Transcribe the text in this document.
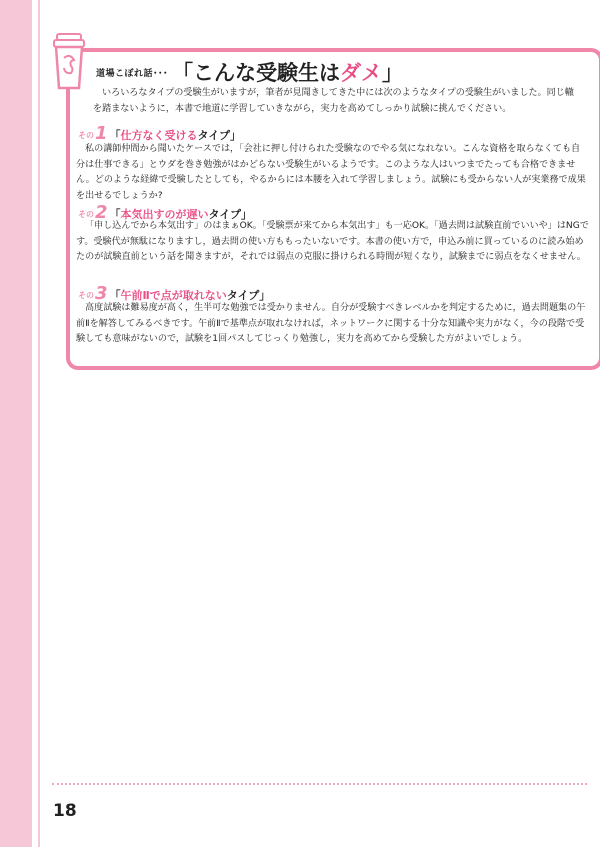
道場こぼれ話･･･ 「こんな受験生はダメ」

いろいろなタイプの受験生がいますが，筆者が見聞きしてきた中には次のようなタイプの受験生がいました。同じ轍を踏まないように，本書で地道に学習していきながら，実力を高めてしっかり試験に挑んでください。

その 1 「 仕方なく受ける タイプ」

私の講師仲間から聞いたケースでは，「会社に押し付けられた受験なのでやる気になれない。こんな資格を取らなくても自分は仕事できる」とウダを巻き勉強がはかどらない受験生がいるようです。このような人はいつまでたっても合格できません。どのような経緯で受験したとしても，やるからには本腰を入れて学習しましょう。試験にも受からない人が実業務で成果を出せるでしょうか?

その 2 「 本気出すのが遅い タイプ」

「申し込んでから本気出す」のはまぁOK。「受験票が来てから本気出す」も一応OK。「過去問は試験直前でいいや」はNGです。受験代が無駄になりますし，過去問の使い方ももったいないです。本書の使い方で，申込み前に買っているのに読み始めたのが試験直前という話を聞きますが，それでは弱点の克服に掛けられる時間が短くなり，試験までに弱点をなくせません。

その 3 「 午前Ⅱで点が取れない タイプ」

高度試験は難易度が高く，生半可な勉強では受かりません。自分が受験すべきレベルかを判定するために，過去問題集の午前Ⅱを解答してみるべきです。午前Ⅱで基準点が取れなければ，ネットワークに関する十分な知識や実力がなく，今の段階で受験しても意味がないので，試験を1回パスしてじっくり勉強し，実力を高めてから受験した方がよいでしょう。

18
